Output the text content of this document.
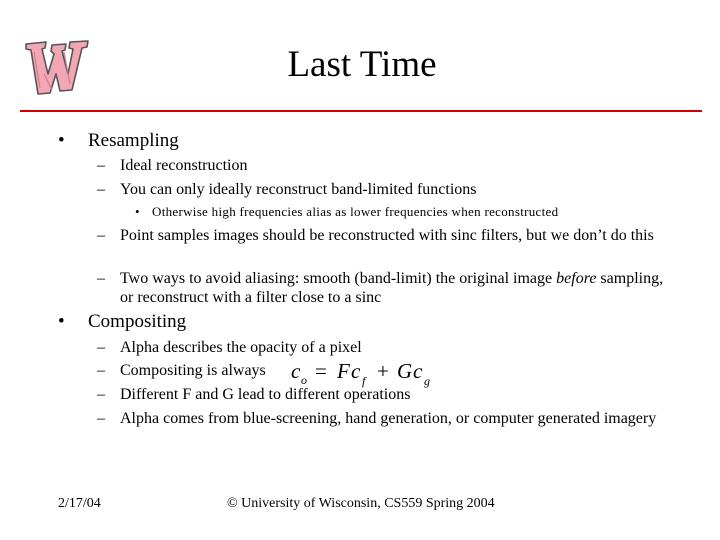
Last Time
• Resampling
– Ideal reconstruction
– You can only ideally reconstruct band-limited functions
• Otherwise high frequencies alias as lower frequencies when reconstructed
– Point samples images should be reconstructed with sinc filters, but we don’t do this
– Two ways to avoid aliasing: smooth (band-limit) the original image before sampling, or reconstruct with a filter close to a sinc
• Compositing
– Alpha describes the opacity of a pixel
– Compositing is always	c o = F c f + G c g
– Different F and G lead to different operations
– Alpha comes from blue-screening, hand generation, or computer generated imagery
2/17/04	© University of Wisconsin, CS559 Spring 2004
